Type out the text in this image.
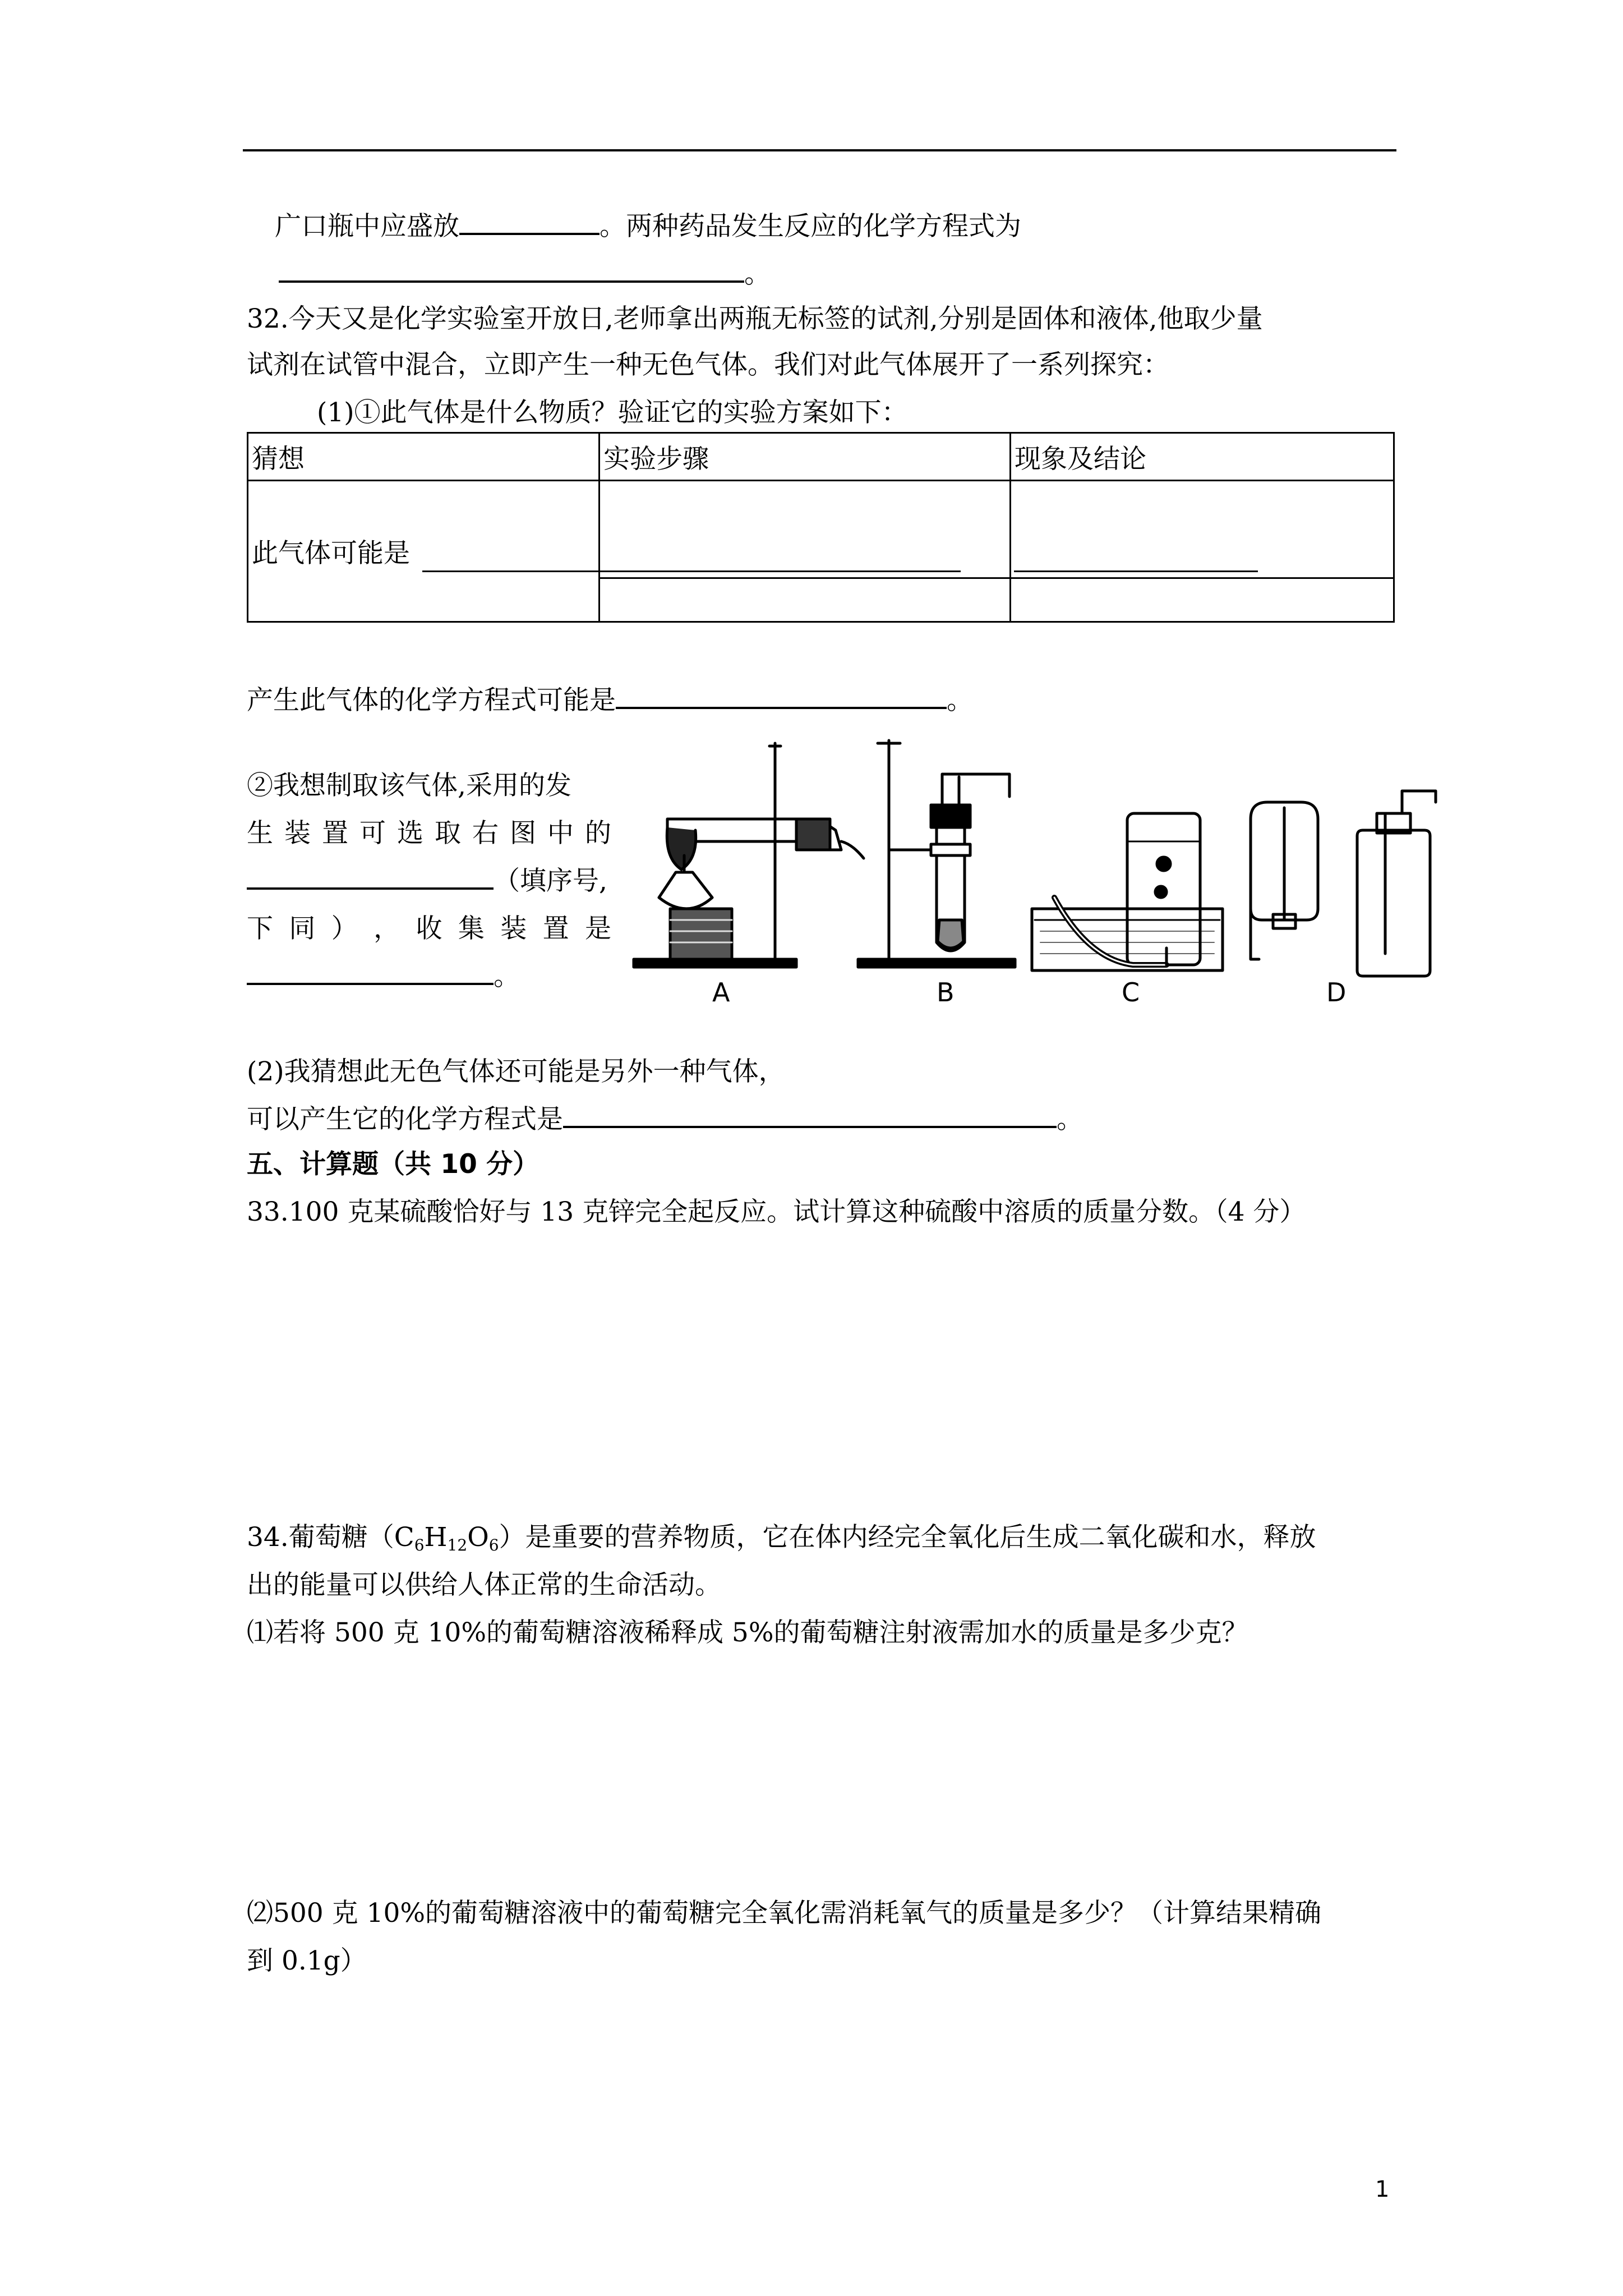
广口瓶中应盛放	。两种药品发生反应的化学方程式为
。
32.今天又是化学实验室开放日,老师拿出两瓶无标签的试剂,分别是固体和液体,他取少量
试剂在试管中混合，立即产生一种无色气体。我们对此气体展开了一系列探究：
(1)①此气体是什么物质？验证它的实验方案如下：
猜想	实验步骤	现象及结论
此气体可能是		
产生此气体的化学方程式可能是	。
②我想制取该气体,采用的发
生 装 置 可 选 取 右 图 中 的
（填序号,
下 同 ） ， 收 集 装 置 是
。
A	B	C	D
(2)我猜想此无色气体还可能是另外一种气体，
可以产生它的化学方程式是	。
五、计算题（共 10 分）
33.100 克某硫酸恰好与 13 克锌完全起反应。试计算这种硫酸中溶质的质量分数。（4 分）
34.葡萄糖$(C_6H_{12}O_6)$是重要的营养物质，它在体内经完全氧化后生成二氧化碳和水，释放
出的能量可以供给人体正常的生命活动。
⑴若将 500 克 10%的葡萄糖溶液稀释成 5%的葡萄糖注射液需加水的质量是多少克？
⑵500 克 10%的葡萄糖溶液中的葡萄糖完全氧化需消耗氧气的质量是多少？（计算结果精确
到 0.1g）
1
